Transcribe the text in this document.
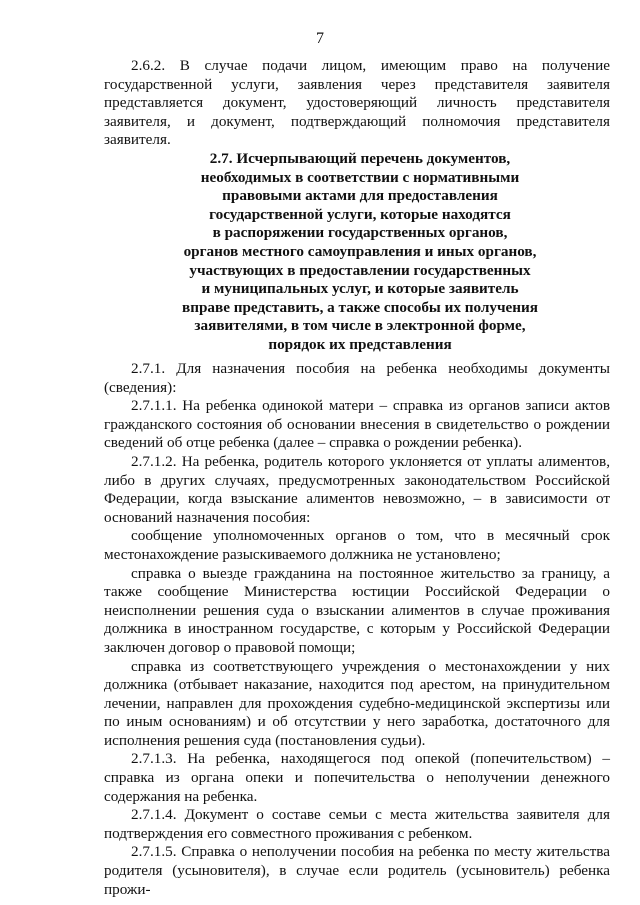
7

2.6.2. В случае подачи лицом, имеющим право на получение государственной услуги, заявления через представителя заявителя представляется документ, удостоверяющий личность представителя заявителя, и документ, подтверждающий полномочия представителя заявителя.

2.7. Исчерпывающий перечень документов,
необходимых в соответствии с нормативными
правовыми актами для предоставления
государственной услуги, которые находятся
в распоряжении государственных органов,
органов местного самоуправления и иных органов,
участвующих в предоставлении государственных
и муниципальных услуг, и которые заявитель
вправе представить, а также способы их получения
заявителями, в том числе в электронной форме,
порядок их представления

2.7.1. Для назначения пособия на ребенка необходимы документы (сведения):

2.7.1.1. На ребенка одинокой матери – справка из органов записи актов гражданского состояния об основании внесения в свидетельство о рождении сведений об отце ребенка (далее – справка о рождении ребенка).

2.7.1.2. На ребенка, родитель которого уклоняется от уплаты алиментов, либо в других случаях, предусмотренных законодательством Российской Федерации, когда взыскание алиментов невозможно, – в зависимости от оснований назначения пособия:

сообщение уполномоченных органов о том, что в месячный срок местонахождение разыскиваемого должника не установлено;

справка о выезде гражданина на постоянное жительство за границу, а также сообщение Министерства юстиции Российской Федерации о неисполнении решения суда о взыскании алиментов в случае проживания должника в иностранном государстве, с которым у Российской Федерации заключен договор о правовой помощи;

справка из соответствующего учреждения о местонахождении у них должника (отбывает наказание, находится под арестом, на принудительном лечении, направлен для прохождения судебно-медицинской экспертизы или по иным основаниям) и об отсутствии у него заработка, достаточного для исполнения решения суда (постановления судьи).

2.7.1.3. На ребенка, находящегося под опекой (попечительством) – справка из органа опеки и попечительства о неполучении денежного содержания на ребенка.

2.7.1.4. Документ о составе семьи с места жительства заявителя для подтверждения его совместного проживания с ребенком.

2.7.1.5. Справка о неполучении пособия на ребенка по месту жительства родителя (усыновителя), в случае если родитель (усыновитель) ребенка прожи-
